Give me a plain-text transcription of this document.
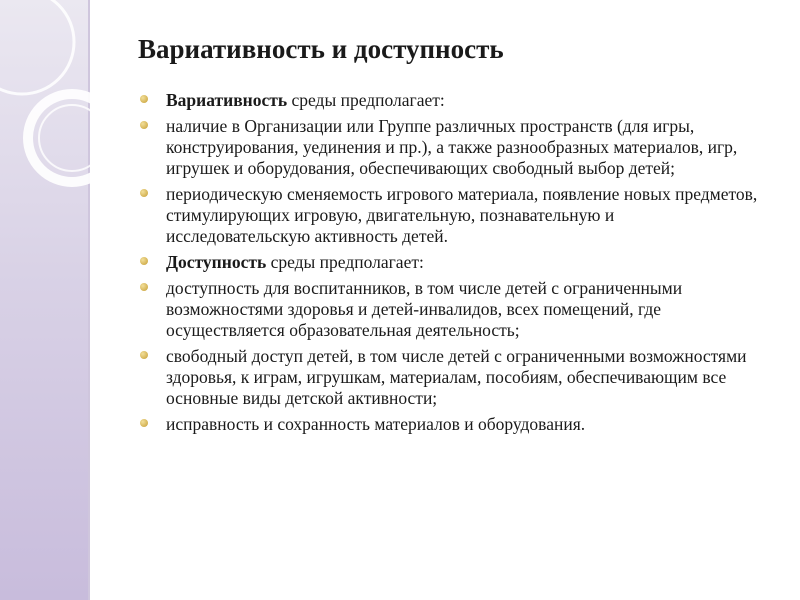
Вариативность и доступность
Вариативность среды предполагает:
наличие в Организации или Группе различных пространств (для игры, конструирования, уединения и пр.), а также разнообразных материалов, игр, игрушек и оборудования, обеспечивающих свободный выбор детей;
периодическую сменяемость игрового материала, появление новых предметов, стимулирующих игровую, двигательную, познавательную и исследовательскую активность детей.
Доступность среды предполагает:
доступность для воспитанников, в том числе детей с ограниченными возможностями здоровья и детей-инвалидов, всех помещений, где осуществляется образовательная деятельность;
свободный доступ детей, в том числе детей с ограниченными возможностями здоровья, к играм, игрушкам, материалам, пособиям, обеспечивающим все основные виды детской активности;
исправность и сохранность материалов и оборудования.
